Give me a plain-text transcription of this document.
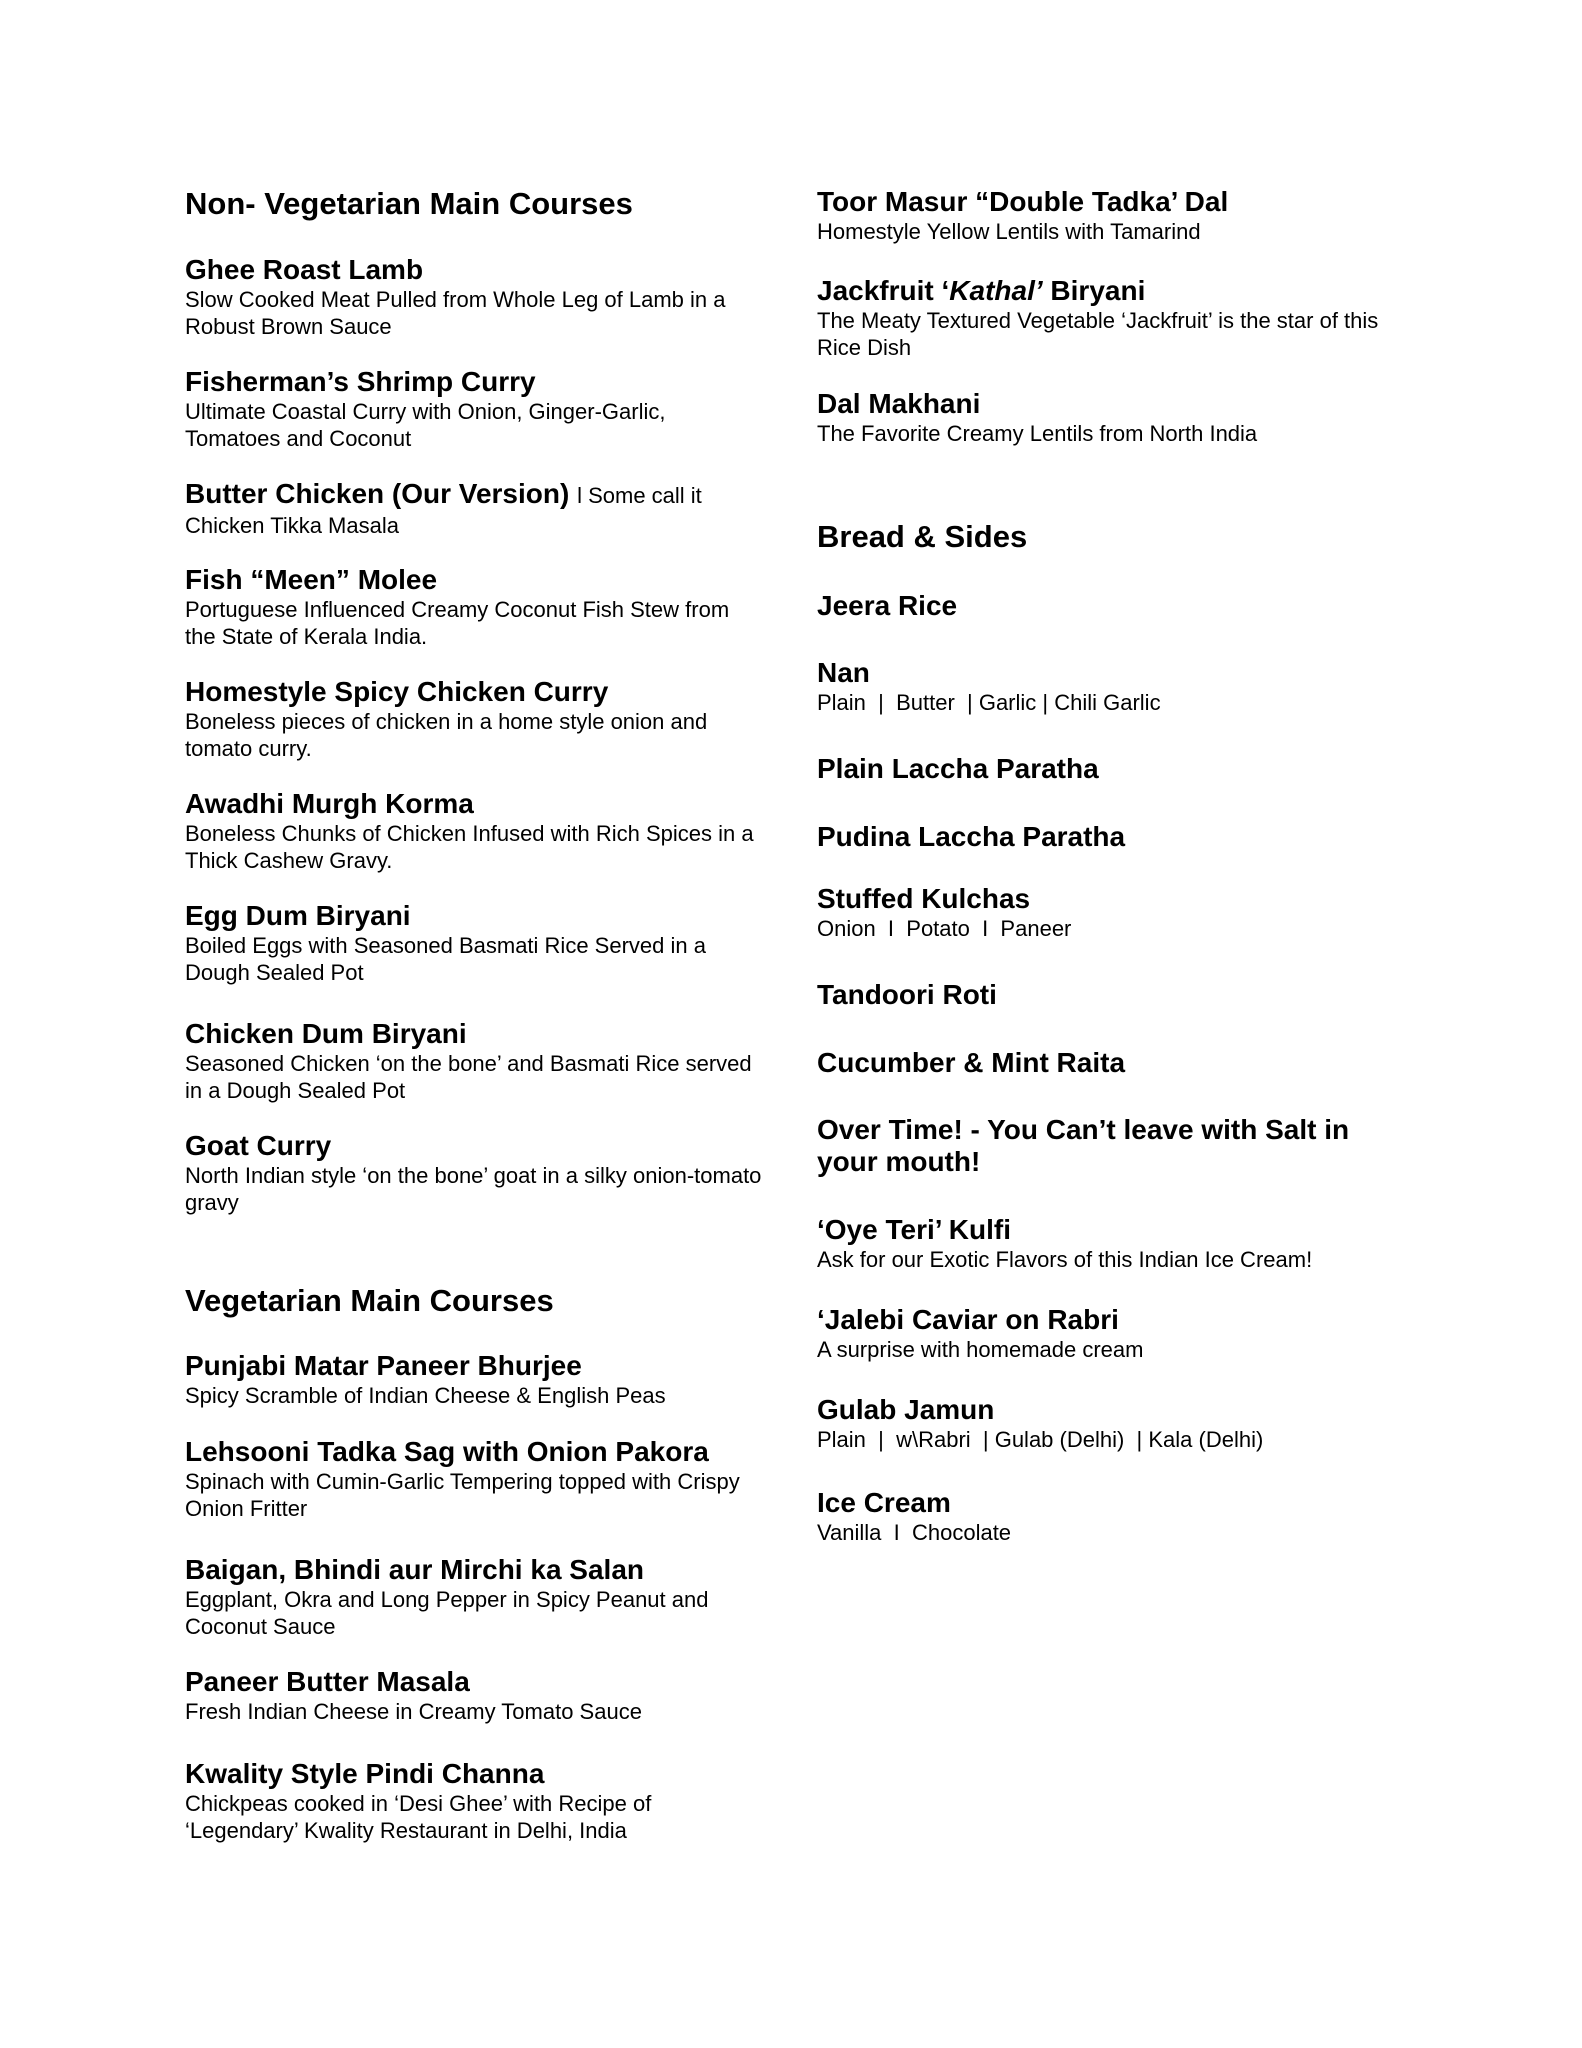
Non- Vegetarian Main Courses
Ghee Roast Lamb
Slow Cooked Meat Pulled from Whole Leg of Lamb in a Robust Brown Sauce
Fisherman’s Shrimp Curry
Ultimate Coastal Curry with Onion, Ginger-Garlic, Tomatoes and Coconut
Butter Chicken (Our Version) l Some call it
Chicken Tikka Masala
Fish “Meen” Molee
Portuguese Influenced Creamy Coconut Fish Stew from the State of Kerala India.
Homestyle Spicy Chicken Curry
Boneless pieces of chicken in a home style onion and tomato curry.
Awadhi Murgh Korma
Boneless Chunks of Chicken Infused with Rich Spices in a Thick Cashew Gravy.
Egg Dum Biryani
Boiled Eggs with Seasoned Basmati Rice Served in a Dough Sealed Pot
Chicken Dum Biryani
Seasoned Chicken ‘on the bone’ and Basmati Rice served in a Dough Sealed Pot
Goat Curry
North Indian style ‘on the bone’ goat in a silky onion-tomato gravy
Vegetarian Main Courses
Punjabi Matar Paneer Bhurjee
Spicy Scramble of Indian Cheese & English Peas
Lehsooni Tadka Sag with Onion Pakora
Spinach with Cumin-Garlic Tempering topped with Crispy Onion Fritter
Baigan, Bhindi aur Mirchi ka Salan
Eggplant, Okra and Long Pepper in Spicy Peanut and Coconut Sauce
Paneer Butter Masala
Fresh Indian Cheese in Creamy Tomato Sauce
Kwality Style Pindi Channa
Chickpeas cooked in ‘Desi Ghee’ with Recipe of ‘Legendary’ Kwality Restaurant in Delhi, India
Toor Masur “Double Tadka’ Dal
Homestyle Yellow Lentils with Tamarind
Jackfruit ‘Kathal’ Biryani
The Meaty Textured Vegetable ‘Jackfruit’ is the star of this Rice Dish
Dal Makhani
The Favorite Creamy Lentils from North India
Bread & Sides
Jeera Rice
Nan
Plain  |  Butter  | Garlic | Chili Garlic
Plain Laccha Paratha
Pudina Laccha Paratha
Stuffed Kulchas
Onion  I  Potato  I  Paneer
Tandoori Roti
Cucumber & Mint Raita
Over Time! - You Can’t leave with Salt in your mouth!
‘Oye Teri’ Kulfi
Ask for our Exotic Flavors of this Indian Ice Cream!
‘Jalebi Caviar on Rabri
A surprise with homemade cream
Gulab Jamun
Plain  |  w\Rabri  | Gulab (Delhi)  | Kala (Delhi)
Ice Cream
Vanilla  I  Chocolate
